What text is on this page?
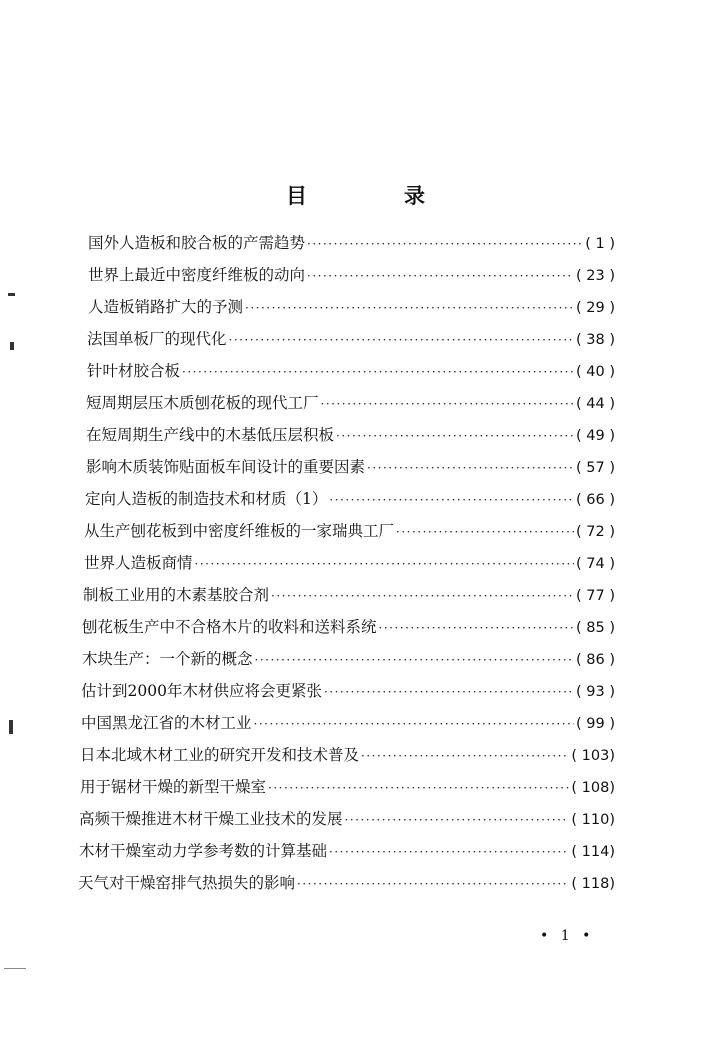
目	录
国外人造板和胶合板的产需趋势 ·····	( 1 )
世界上最近中密度纤维板的动向 ·····	( 23 )
人造板销路扩大的予测 ·····	( 29 )
法国单板厂的现代化 ·····	( 38 )
针叶材胶合板 ·····	( 40 )
短周期层压木质刨花板的现代工厂 ·····	( 44 )
在短周期生产线中的木基低压层积板 ·····	( 49 )
影响木质装饰贴面板车间设计的重要因素 ·····	( 57 )
定向人造板的制造技术和材质（1） ·····	( 66 )
从生产刨花板到中密度纤维板的一家瑞典工厂 ·····	( 72 )
世界人造板商情 ·····	( 74 )
制板工业用的木素基胶合剂 ·····	( 77 )
刨花板生产中不合格木片的收料和送料系统 ·····	( 85 )
木块生产：一个新的概念 ·····	( 86 )
估计到2000年木材供应将会更紧张 ·····	( 93 )
中国黑龙江省的木材工业 ·····	( 99 )
日本北域木材工业的研究开发和技术普及 ·····	( 103)
用于锯材干燥的新型干燥室 ·····	( 108)
高频干燥推进木材干燥工业技术的发展 ·····	( 110)
木材干燥室动力学参考数的计算基础 ·····	( 114)
天气对干燥窑排气热损失的影响 ·····	( 118)
• 1 •
